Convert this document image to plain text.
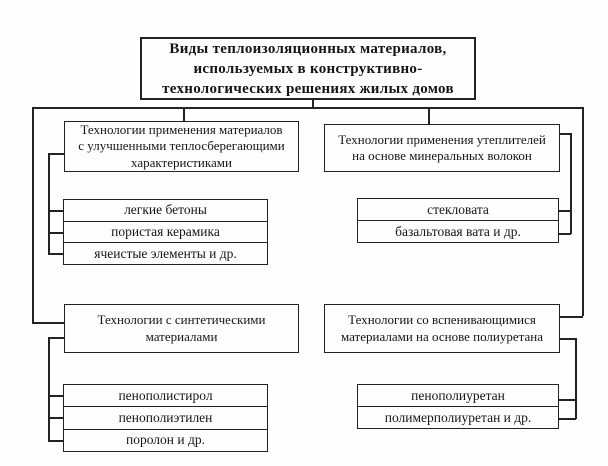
Виды теплоизоляционных материалов,
используемых в конструктивно-
технологических решениях жилых домов
Технологии применения материалов
с улучшенными теплосберегающими
характеристиками
легкие бетоны
пористая керамика
ячеистые элементы и др.
Технологии применения утеплителей
на основе минеральных волокон
стекловата
базальтовая вата и др.
Технологии с синтетическими
материалами
пенополистирол
пенополиэтилен
поролон и др.
Технологии со вспенивающимися
материалами на основе полиуретана
пенополиуретан
полимерполиуретан и др.
